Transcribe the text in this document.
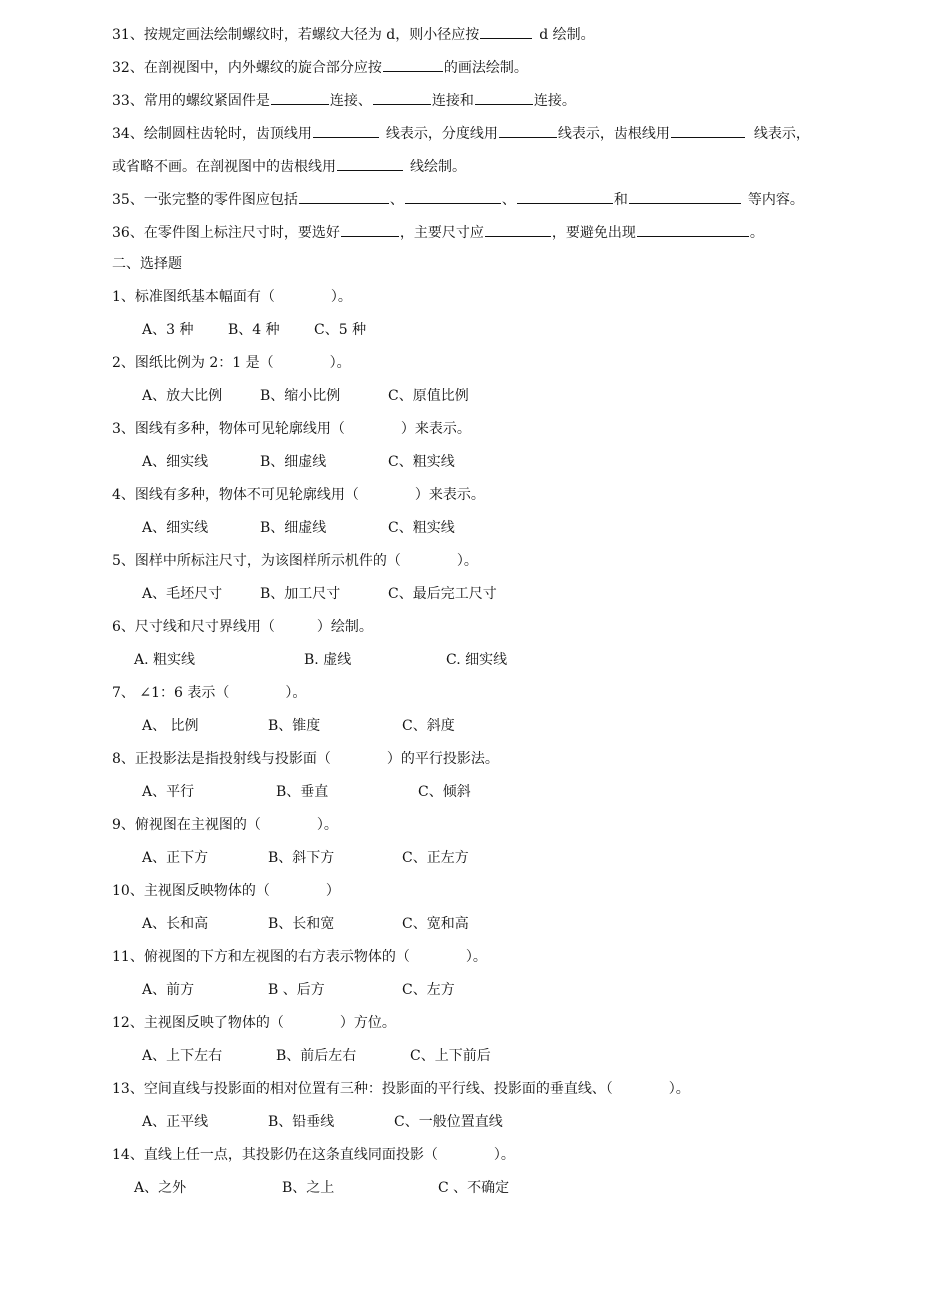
31、按规定画法绘制螺纹时，若螺纹大径为 d，则小径应按	d 绘制。
32、在剖视图中，内外螺纹的旋合部分应按	的画法绘制。
33、常用的螺纹紧固件是	连接、	连接和	连接。
34、绘制圆柱齿轮时，齿顶线用	线表示，分度线用	线表示，齿根线用	线表示，
或省略不画。在剖视图中的齿根线用	线绘制。
35、一张完整的零件图应包括	、	、	和	等内容。
36、在零件图上标注尺寸时，要选好	，主要尺寸应	，要避免出现	。
二、选择题
1、标准图纸基本幅面有（　　　　）。
A、3 种 B、4 种 C、5 种
2、图纸比例为 2：1 是（　　　　）。
A、放大比例	B、缩小比例	C、原值比例
3、图线有多种，物体可见轮廓线用（　　　　）来表示。
A、细实线	B、细虚线	C、粗实线
4、图线有多种，物体不可见轮廓线用（　　　　）来表示。
A、细实线	B、细虚线	C、粗实线
5、图样中所标注尺寸，为该图样所示机件的（　　　　）。
A、毛坯尺寸	B、加工尺寸	C、最后完工尺寸
6、尺寸线和尺寸界线用（　　　）绘制。
A. 粗实线	B. 虚线	C. 细实线
7、 ∠1：6 表示（　　　　）。
A、 比例	B、锥度	C、斜度
8、正投影法是指投射线与投影面（　　　　）的平行投影法。
A、平行	B、垂直	C、倾斜
9、俯视图在主视图的（　　　　）。
A、正下方	B、斜下方	C、正左方
10、主视图反映物体的（　　　　）
A、长和高	B、长和宽	C、宽和高
11、俯视图的下方和左视图的右方表示物体的（　　　　）。
A、前方	B 、后方	C、左方
12、主视图反映了物体的（　　　　）方位。
A、上下左右	B、前后左右	C、上下前后
13、空间直线与投影面的相对位置有三种：投影面的平行线、投影面的垂直线、（　　　　）。
A、正平线	B、铅垂线	C、一般位置直线
14、直线上任一点，其投影仍在这条直线同面投影（　　　　）。
A、之外	B、之上	C 、不确定
